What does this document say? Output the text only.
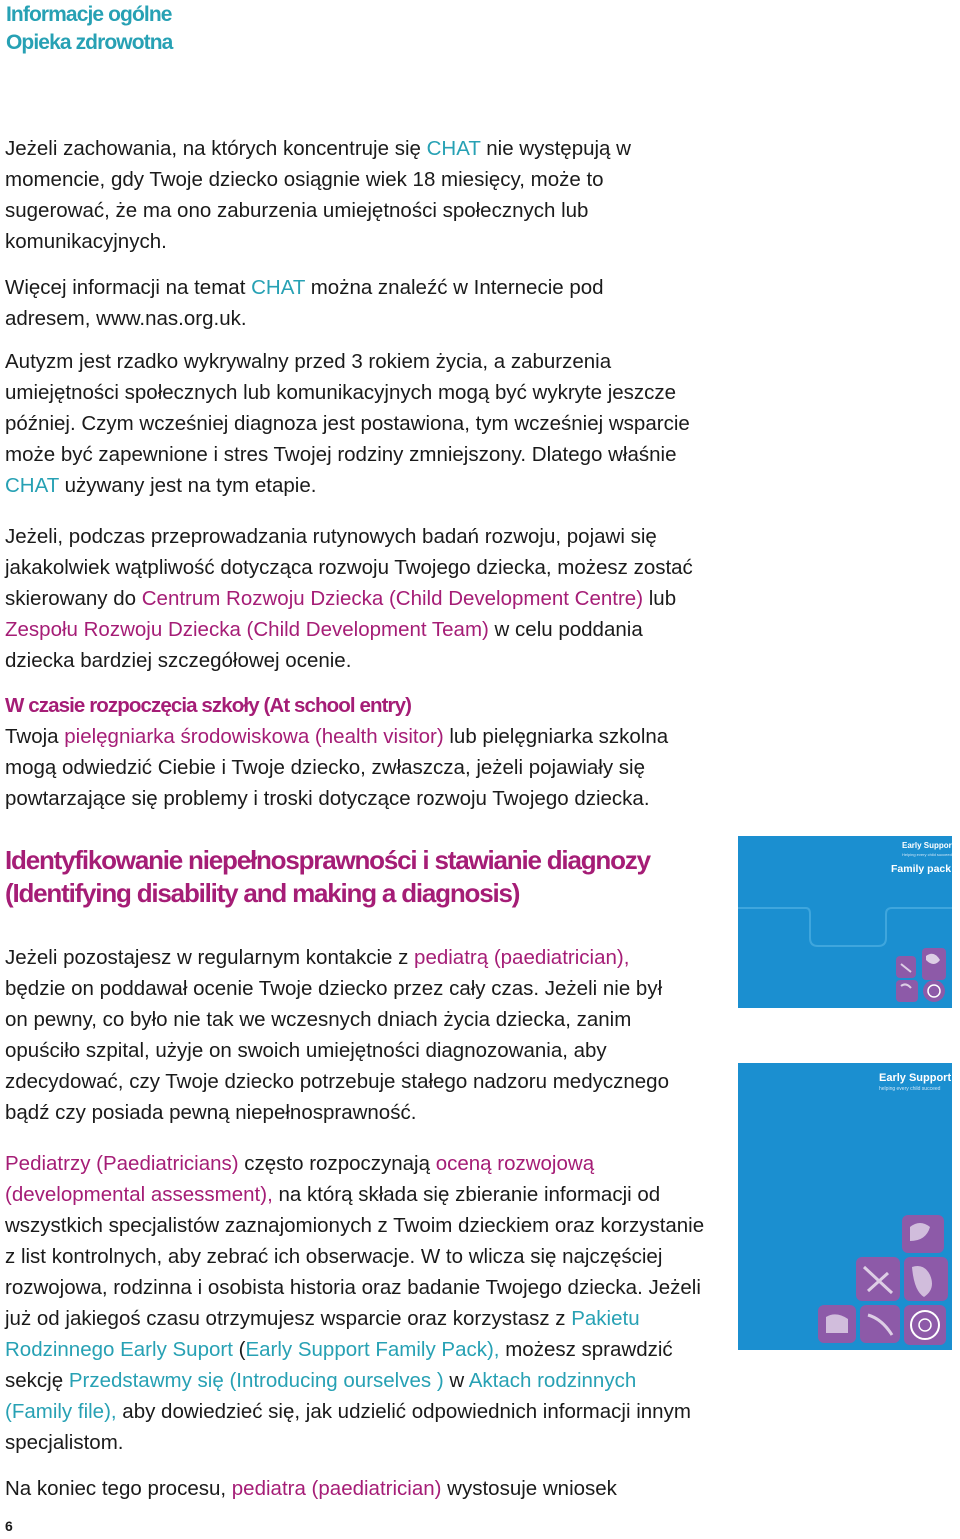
Informacje ogólne
Opieka zdrowotna

Jeżeli zachowania, na których koncentruje się CHAT nie występują w

momencie, gdy Twoje dziecko osiągnie wiek 18 miesięcy, może to

sugerować, że ma ono zaburzenia umiejętności społecznych lub

komunikacyjnych.

Więcej informacji na temat CHAT można znaleźć w Internecie pod

adresem, www.nas.org.uk.

Autyzm jest rzadko wykrywalny przed 3 rokiem życia, a zaburzenia

umiejętności społecznych lub komunikacyjnych mogą być wykryte jeszcze

później. Czym wcześniej diagnoza jest postawiona, tym wcześniej wsparcie

może być zapewnione i stres Twojej rodziny zmniejszony. Dlatego właśnie

CHAT używany jest na tym etapie.

Jeżeli, podczas przeprowadzania rutynowych badań rozwoju, pojawi się

jakakolwiek wątpliwość dotycząca rozwoju Twojego dziecka, możesz zostać

skierowany do Centrum Rozwoju Dziecka (Child Development Centre) lub

Zespołu Rozwoju Dziecka (Child Development Team) w celu poddania

dziecka bardziej szczegółowej ocenie.

W czasie rozpoczęcia szkoły (At school entry)

Twoja pielęgniarka środowiskowa (health visitor) lub pielęgniarka szkolna

mogą odwiedzić Ciebie i Twoje dziecko, zwłaszcza, jeżeli pojawiały się

powtarzające się problemy i troski dotyczące rozwoju Twojego dziecka.

Identyfikowanie niepełnosprawności i stawianie diagnozy

(Identifying disability and making a diagnosis)

Jeżeli pozostajesz w regularnym kontakcie z pediatrą (paediatrician),

będzie on poddawał ocenie Twoje dziecko przez cały czas. Jeżeli nie był

on pewny, co było nie tak we wczesnych dniach życia dziecka, zanim

opuściło szpital, użyje on swoich umiejętności diagnozowania, aby

zdecydować, czy Twoje dziecko potrzebuje stałego nadzoru medycznego

bądź czy posiada pewną niepełnosprawność.

Pediatrzy (Paediatricians) często rozpoczynają oceną rozwojową

(developmental assessment), na którą składa się zbieranie informacji od

wszystkich specjalistów zaznajomionych z Twoim dzieckiem oraz korzystanie

z list kontrolnych, aby zebrać ich obserwacje. W to wlicza się najczęściej

rozwojowa, rodzinna i osobista historia oraz badanie Twojego dziecka. Jeżeli

już od jakiegoś czasu otrzymujesz wsparcie oraz korzystasz z Pakietu

Rodzinnego Early Suport (Early Support Family Pack), możesz sprawdzić

sekcję Przedstawmy się (Introducing ourselves ) w Aktach rodzinnych

(Family file), aby dowiedzieć się, jak udzielić odpowiednich informacji innym

specjalistom.

Na koniec tego procesu, pediatra (paediatrician) wystosuje wniosek

6
Early Support
Helping every child succeed
Family pack
Early Support
helping every child succeed
